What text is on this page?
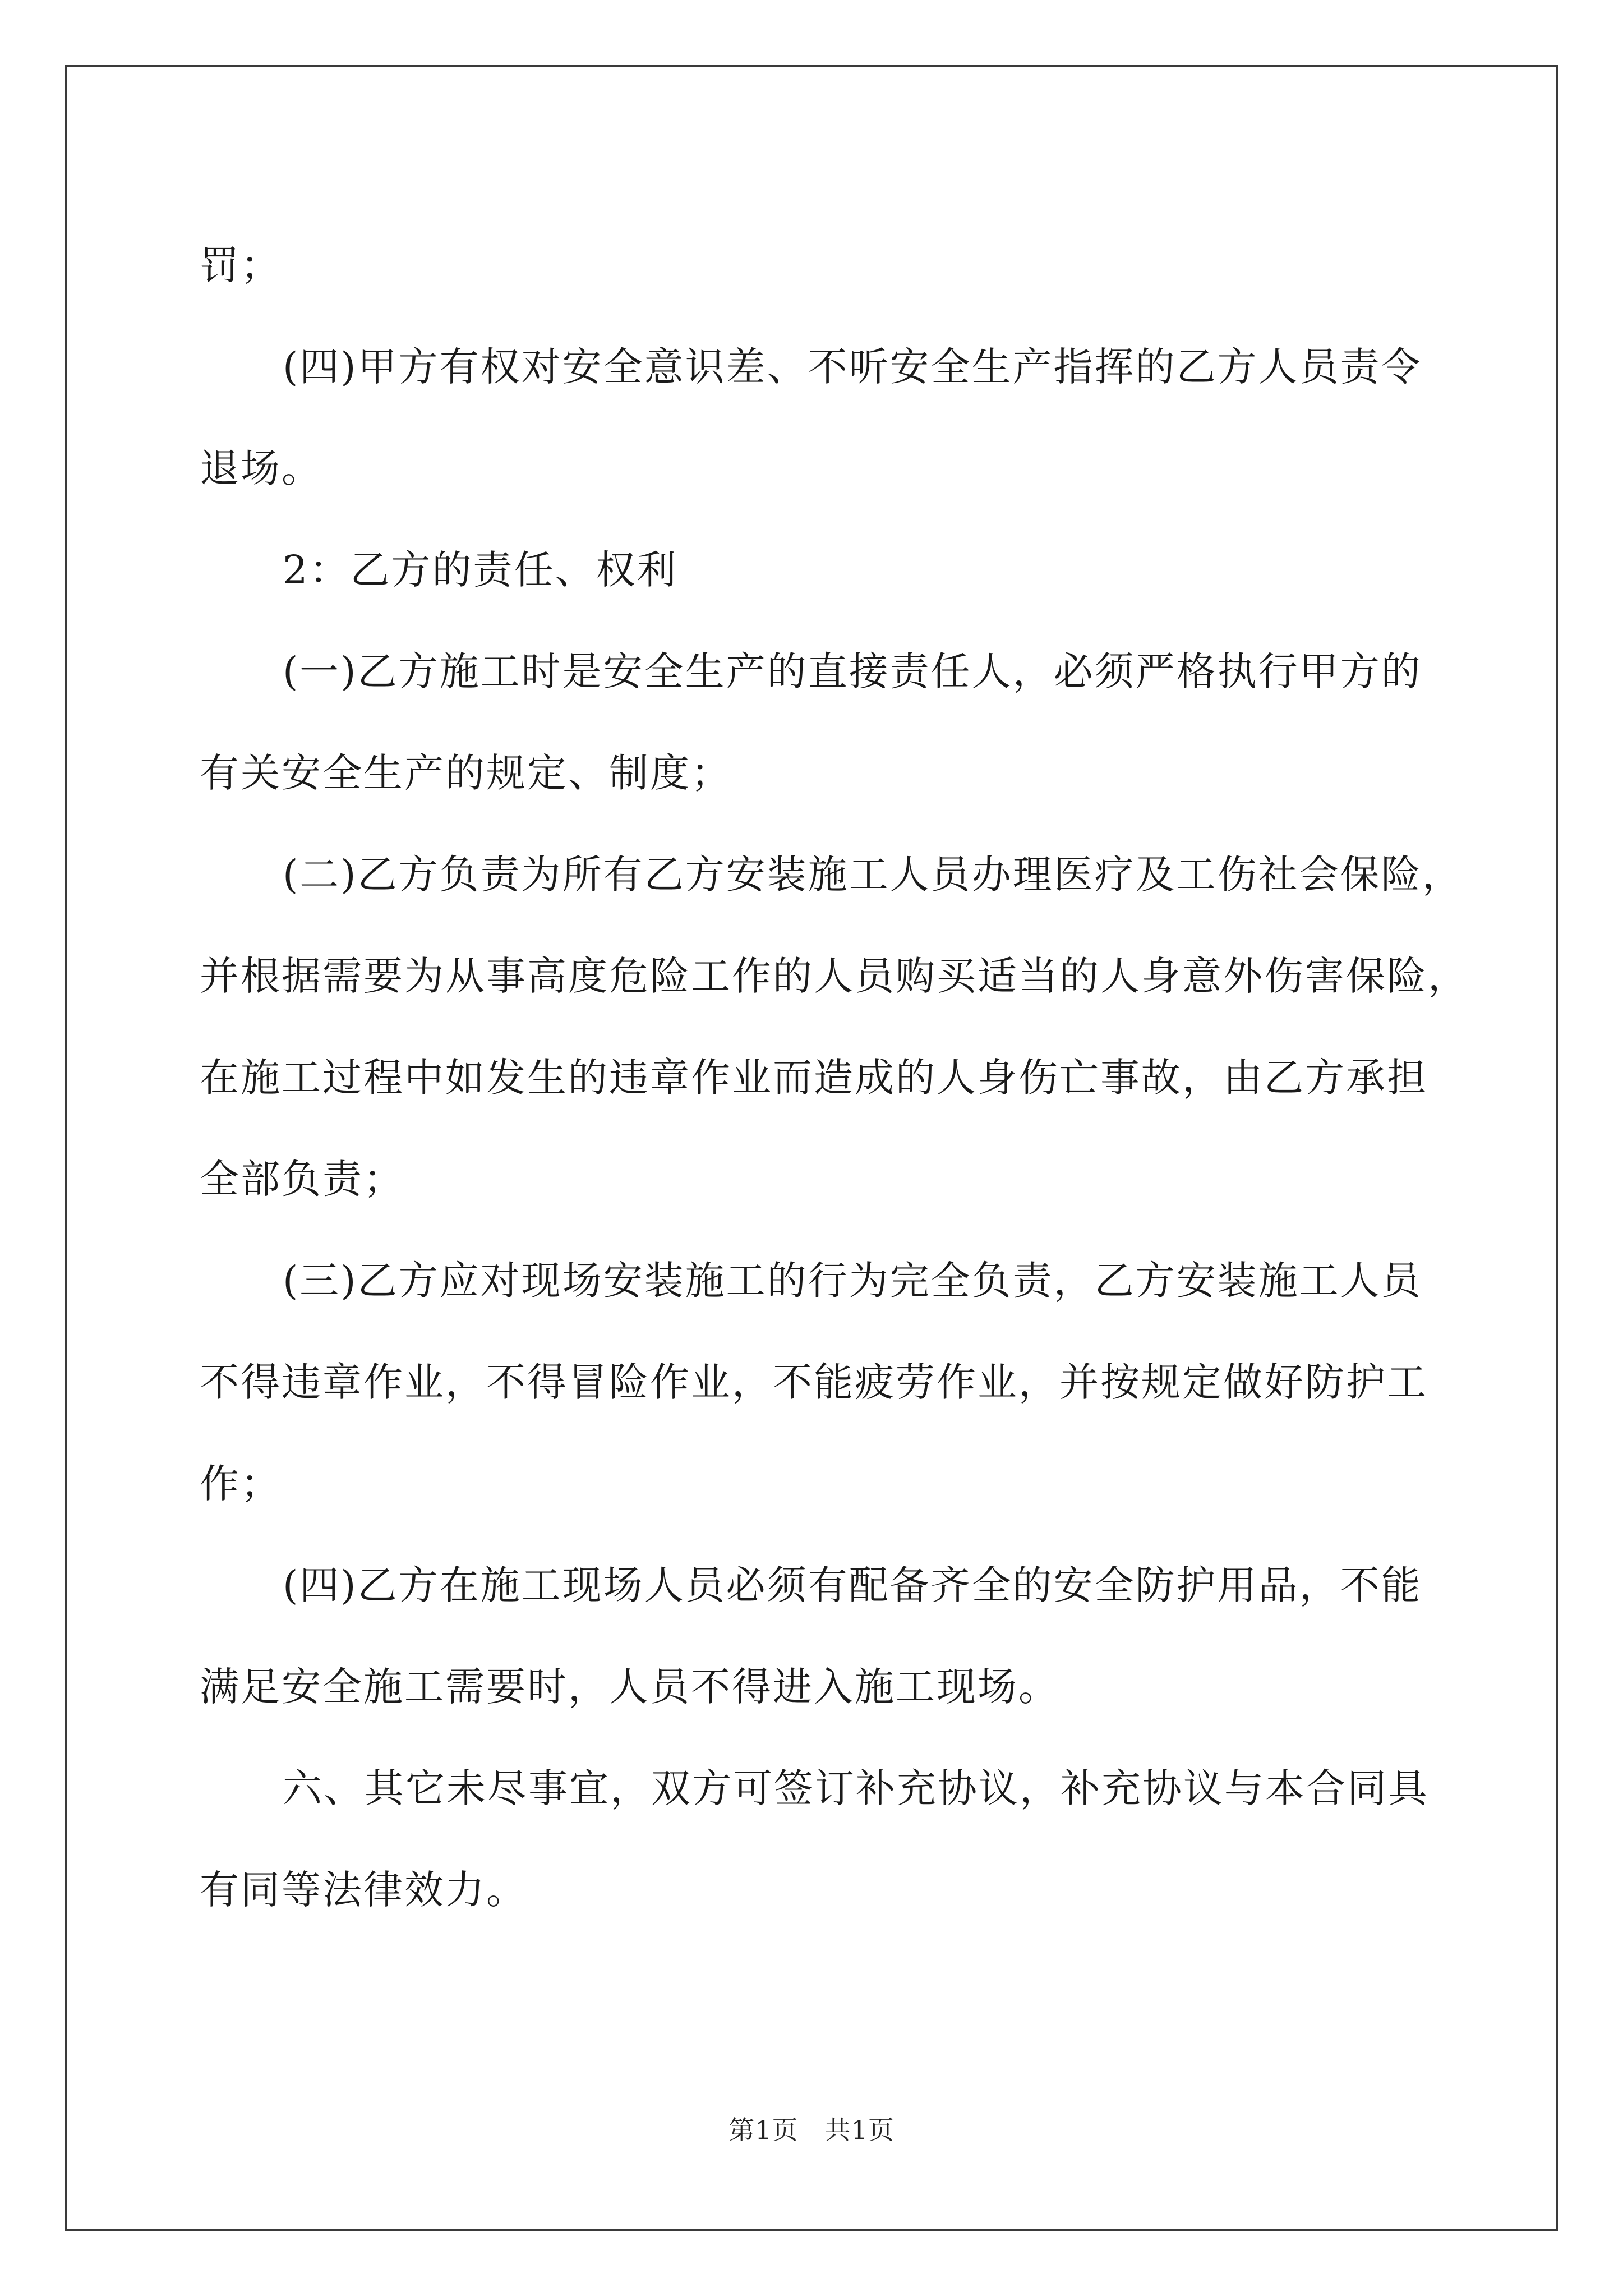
罚；
(四)甲方有权对安全意识差、不听安全生产指挥的乙方人员责令
退场。
2：乙方的责任、权利
(一)乙方施工时是安全生产的直接责任人，必须严格执行甲方的
有关安全生产的规定、制度；
(二)乙方负责为所有乙方安装施工人员办理医疗及工伤社会保险，
并根据需要为从事高度危险工作的人员购买适当的人身意外伤害保险，
在施工过程中如发生的违章作业而造成的人身伤亡事故，由乙方承担
全部负责；
(三)乙方应对现场安装施工的行为完全负责，乙方安装施工人员
不得违章作业，不得冒险作业，不能疲劳作业，并按规定做好防护工
作；
(四)乙方在施工现场人员必须有配备齐全的安全防护用品，不能
满足安全施工需要时，人员不得进入施工现场。
六、其它未尽事宜，双方可签订补充协议，补充协议与本合同具
有同等法律效力。
第1页　共1页
